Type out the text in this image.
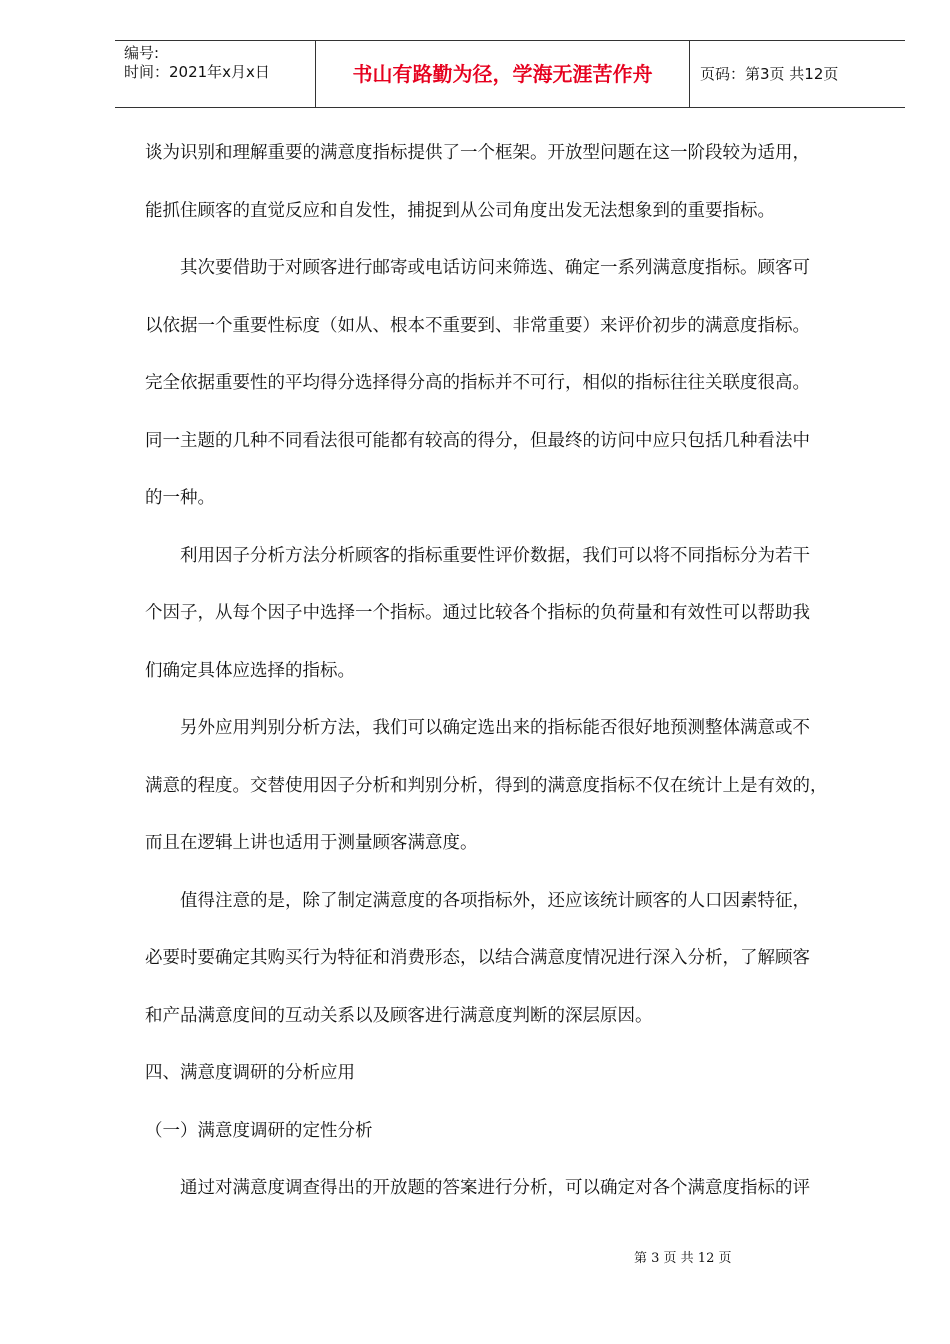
编号:
时间：2021年x月x日	书山有路勤为径，学海无涯苦作舟	页码：第3页 共12页

谈为识别和理解重要的满意度指标提供了一个框架。开放型问题在这一阶段较为适用，

能抓住顾客的直觉反应和自发性，捕捉到从公司角度出发无法想象到的重要指标。

其次要借助于对顾客进行邮寄或电话访问来筛选、确定一系列满意度指标。顾客可

以依据一个重要性标度（如从、根本不重要到、非常重要）来评价初步的满意度指标。

完全依据重要性的平均得分选择得分高的指标并不可行，相似的指标往往关联度很高。

同一主题的几种不同看法很可能都有较高的得分，但最终的访问中应只包括几种看法中

的一种。

利用因子分析方法分析顾客的指标重要性评价数据，我们可以将不同指标分为若干

个因子，从每个因子中选择一个指标。通过比较各个指标的负荷量和有效性可以帮助我

们确定具体应选择的指标。

另外应用判别分析方法，我们可以确定选出来的指标能否很好地预测整体满意或不

满意的程度。交替使用因子分析和判别分析，得到的满意度指标不仅在统计上是有效的，

而且在逻辑上讲也适用于测量顾客满意度。

值得注意的是，除了制定满意度的各项指标外，还应该统计顾客的人口因素特征，

必要时要确定其购买行为特征和消费形态，以结合满意度情况进行深入分析，了解顾客

和产品满意度间的互动关系以及顾客进行满意度判断的深层原因。

四、满意度调研的分析应用

（一）满意度调研的定性分析

通过对满意度调查得出的开放题的答案进行分析，可以确定对各个满意度指标的评

第 3 页 共 12 页
